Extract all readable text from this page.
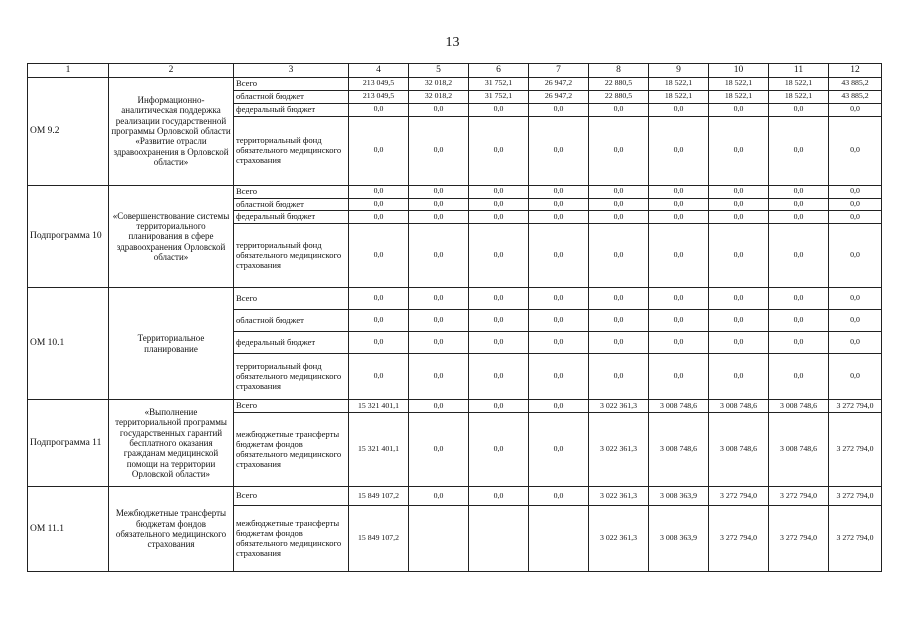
13
1	2	3	4	5	6	7	8	9	10	11	12
ОМ 9.2	Информационно-аналитическая поддержка реализации государственной программы Орловской области «Развитие отрасли здравоохранения в Орловской области»	Всего	213 049,5	32 018,2	31 752,1	26 947,2	22 880,5	18 522,1	18 522,1	18 522,1	43 885,2
		областной бюджет	213 049,5	32 018,2	31 752,1	26 947,2	22 880,5	18 522,1	18 522,1	18 522,1	43 885,2
		федеральный бюджет	0,0	0,0	0,0	0,0	0,0	0,0	0,0	0,0	0,0
		территориальный фонд обязательного медицинского страхования	0,0	0,0	0,0	0,0	0,0	0,0	0,0	0,0	0,0
Подпрограмма 10	«Совершенствование системы территориального планирования в сфере здравоохранения Орловской области»	Всего	0,0	0,0	0,0	0,0	0,0	0,0	0,0	0,0	0,0
		областной бюджет	0,0	0,0	0,0	0,0	0,0	0,0	0,0	0,0	0,0
		федеральный бюджет	0,0	0,0	0,0	0,0	0,0	0,0	0,0	0,0	0,0
		территориальный фонд обязательного медицинского страхования	0,0	0,0	0,0	0,0	0,0	0,0	0,0	0,0	0,0
ОМ 10.1	Территориальное планирование	Всего	0,0	0,0	0,0	0,0	0,0	0,0	0,0	0,0	0,0
		областной бюджет	0,0	0,0	0,0	0,0	0,0	0,0	0,0	0,0	0,0
		федеральный бюджет	0,0	0,0	0,0	0,0	0,0	0,0	0,0	0,0	0,0
		территориальный фонд обязательного медицинского страхования	0,0	0,0	0,0	0,0	0,0	0,0	0,0	0,0	0,0
Подпрограмма 11	«Выполнение территориальной программы государственных гарантий бесплатного оказания гражданам медицинской помощи на территории Орловской области»	Всего	15 321 401,1	0,0	0,0	0,0	3 022 361,3	3 008 748,6	3 008 748,6	3 008 748,6	3 272 794,0
		межбюджетные трансферты бюджетам фондов обязательного медицинского страхования	15 321 401,1	0,0	0,0	0,0	3 022 361,3	3 008 748,6	3 008 748,6	3 008 748,6	3 272 794,0
ОМ 11.1	Межбюджетные трансферты бюджетам фондов обязательного медицинского страхования	Всего	15 849 107,2	0,0	0,0	0,0	3 022 361,3	3 008 363,9	3 272 794,0	3 272 794,0	3 272 794,0
		межбюджетные трансферты бюджетам фондов обязательного медицинского страхования	15 849 107,2				3 022 361,3	3 008 363,9	3 272 794,0	3 272 794,0	3 272 794,0
